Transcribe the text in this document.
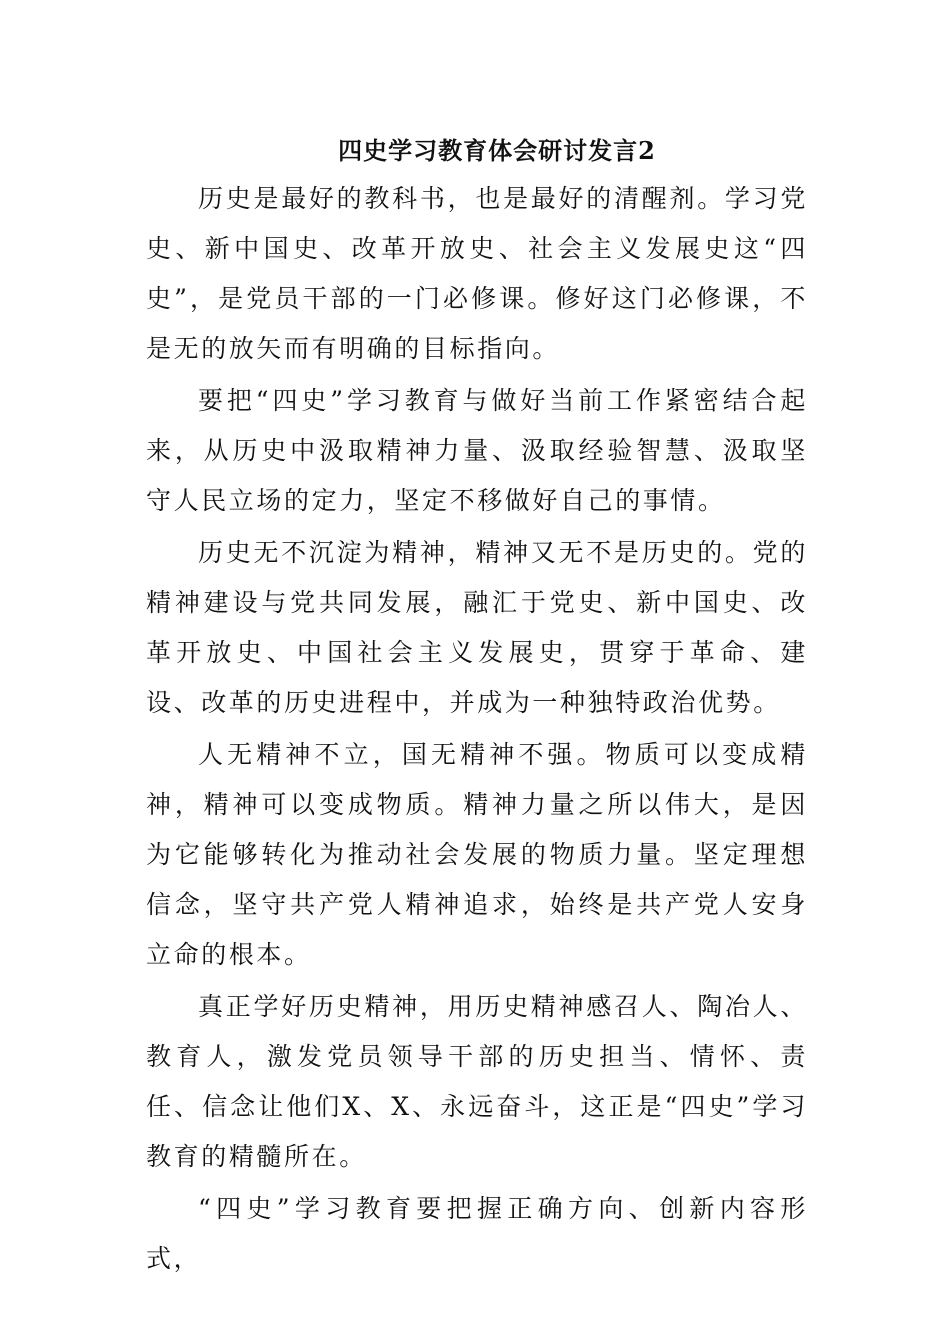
四史学习教育体会研讨发言2

历史是最好的教科书，也是最好的清醒剂。学习党史、新中国史、改革开放史、社会主义发展史这“四史”，是党员干部的一门必修课。修好这门必修课，不是无的放矢而有明确的目标指向。

要把“四史”学习教育与做好当前工作紧密结合起来，从历史中汲取精神力量、汲取经验智慧、汲取坚守人民立场的定力，坚定不移做好自己的事情。

历史无不沉淀为精神，精神又无不是历史的。党的精神建设与党共同发展，融汇于党史、新中国史、改革开放史、中国社会主义发展史，贯穿于革命、建设、改革的历史进程中，并成为一种独特政治优势。

人无精神不立，国无精神不强。物质可以变成精神，精神可以变成物质。精神力量之所以伟大，是因为它能够转化为推动社会发展的物质力量。坚定理想信念，坚守共产党人精神追求，始终是共产党人安身立命的根本。

真正学好历史精神，用历史精神感召人、陶冶人、教育人，激发党员领导干部的历史担当、情怀、责任、信念让他们X、X、永远奋斗，这正是“四史”学习教育的精髓所在。

“四史”学习教育要把握正确方向、创新内容形式，
